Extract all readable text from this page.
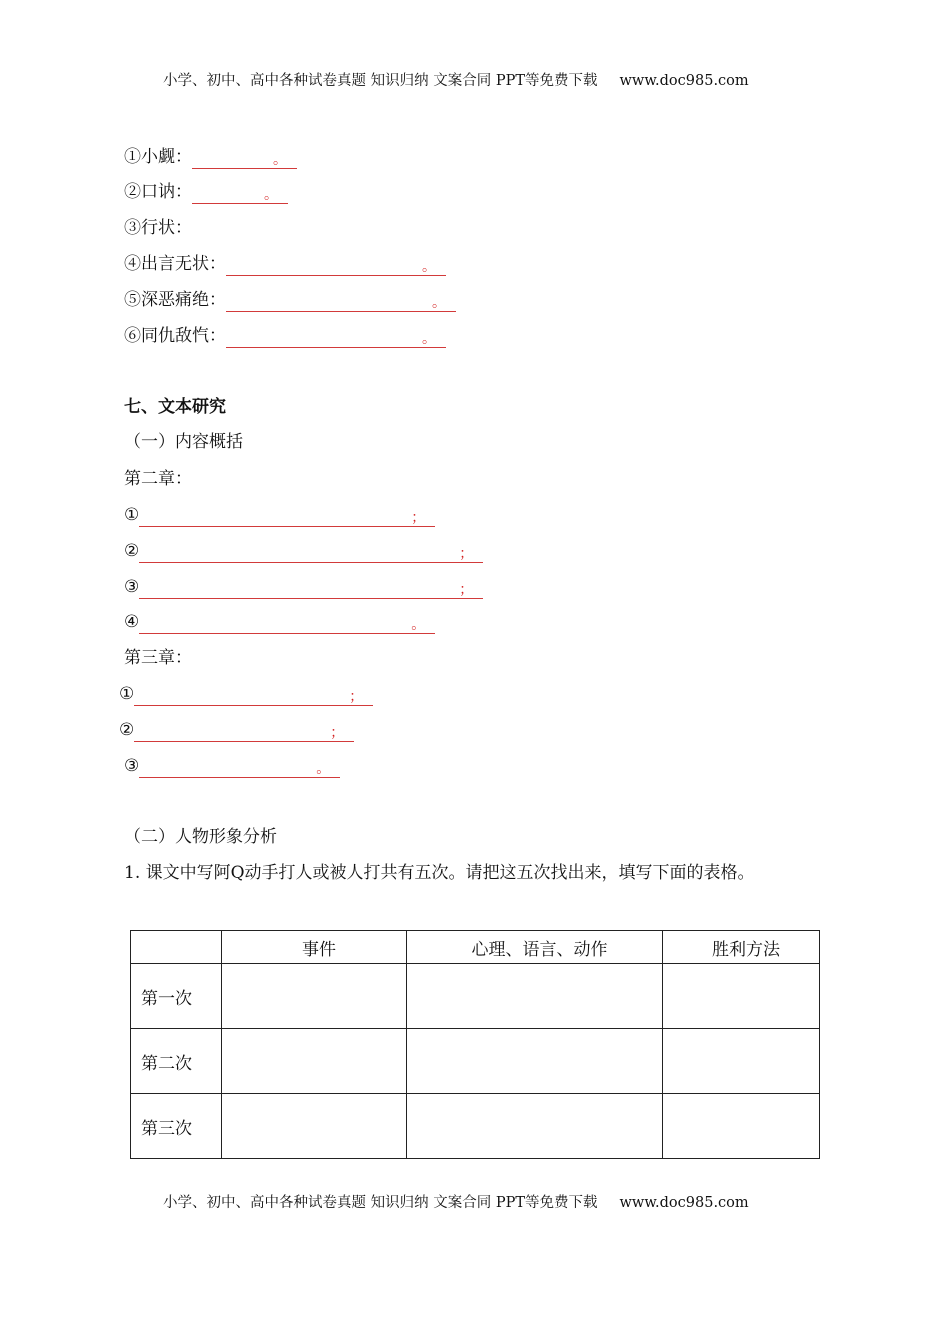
小学、初中、高中各种试卷真题 知识归纳 文案合同 PPT等免费下载 www.doc985.com
①小觑：	。
②口讷：	。
③行状：
④出言无状：	。
⑤深恶痛绝：	。
⑥同仇敌忾：	。
七、文本研究
（一）内容概括
第二章：
①	；
②	；
③	；
④	。
第三章：
①	；
②	；
③	。
（二）人物形象分析
1. 课文中写阿Q动手打人或被人打共有五次。请把这五次找出来，填写下面的表格。
	事件	心理、语言、动作	胜利方法
第一次			
第二次			
第三次			
小学、初中、高中各种试卷真题 知识归纳 文案合同 PPT等免费下载 www.doc985.com
